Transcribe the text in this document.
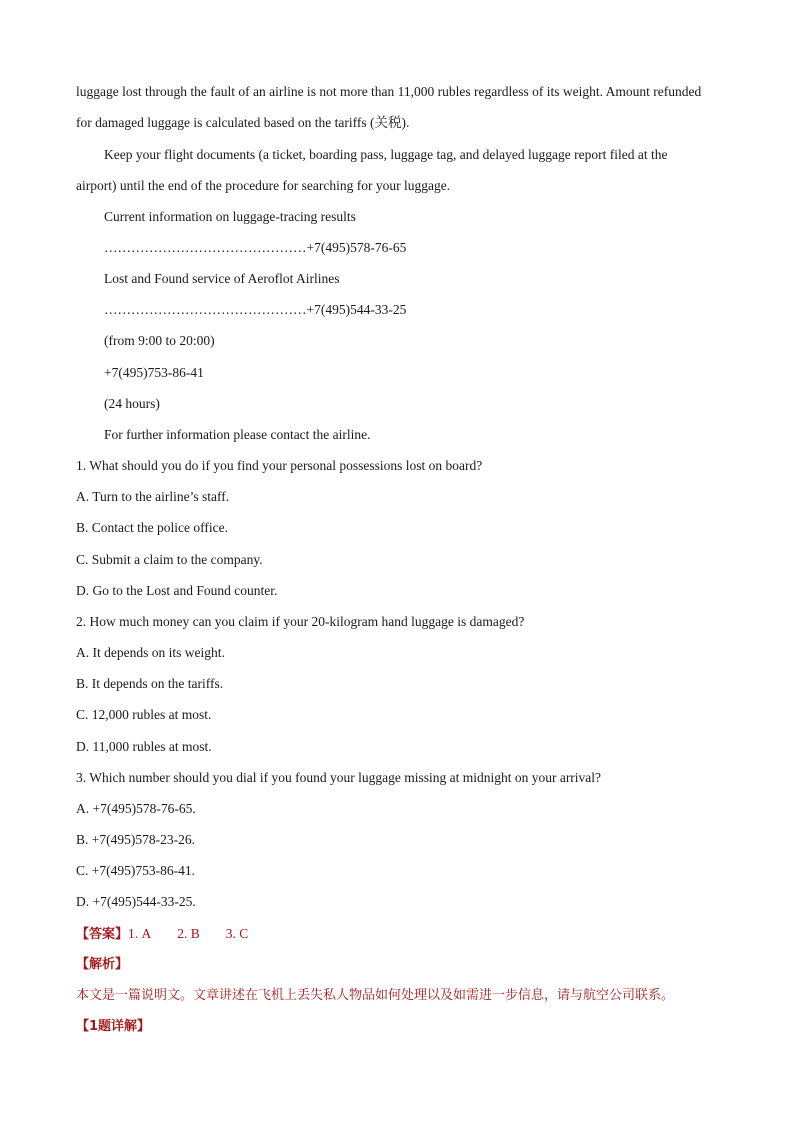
luggage lost through the fault of an airline is not more than 11,000 rubles regardless of its weight. Amount refunded
for damaged luggage is calculated based on the tariffs (关税).
Keep your flight documents (a ticket, boarding pass, luggage tag, and delayed luggage report filed at the
airport) until the end of the procedure for searching for your luggage.
Current information on luggage-tracing results
………………………………………+7(495)578-76-65
Lost and Found service of Aeroflot Airlines
………………………………………+7(495)544-33-25
(from 9:00 to 20:00)
+7(495)753-86-41
(24 hours)
For further information please contact the airline.
1. What should you do if you find your personal possessions lost on board?
A. Turn to the airline’s staff.
B. Contact the police office.
C. Submit a claim to the company.
D. Go to the Lost and Found counter.
2. How much money can you claim if your 20-kilogram hand luggage is damaged?
A. It depends on its weight.
B. It depends on the tariffs.
C. 12,000 rubles at most.
D. 11,000 rubles at most.
3. Which number should you dial if you found your luggage missing at midnight on your arrival?
A. +7(495)578-76-65.
B. +7(495)578-23-26.
C. +7(495)753-86-41.
D. +7(495)544-33-25.
【答案】1. A 2. B 3. C
【解析】
本文是一篇说明文。文章讲述在飞机上丢失私人物品如何处理以及如需进一步信息，请与航空公司联系。
【1题详解】
